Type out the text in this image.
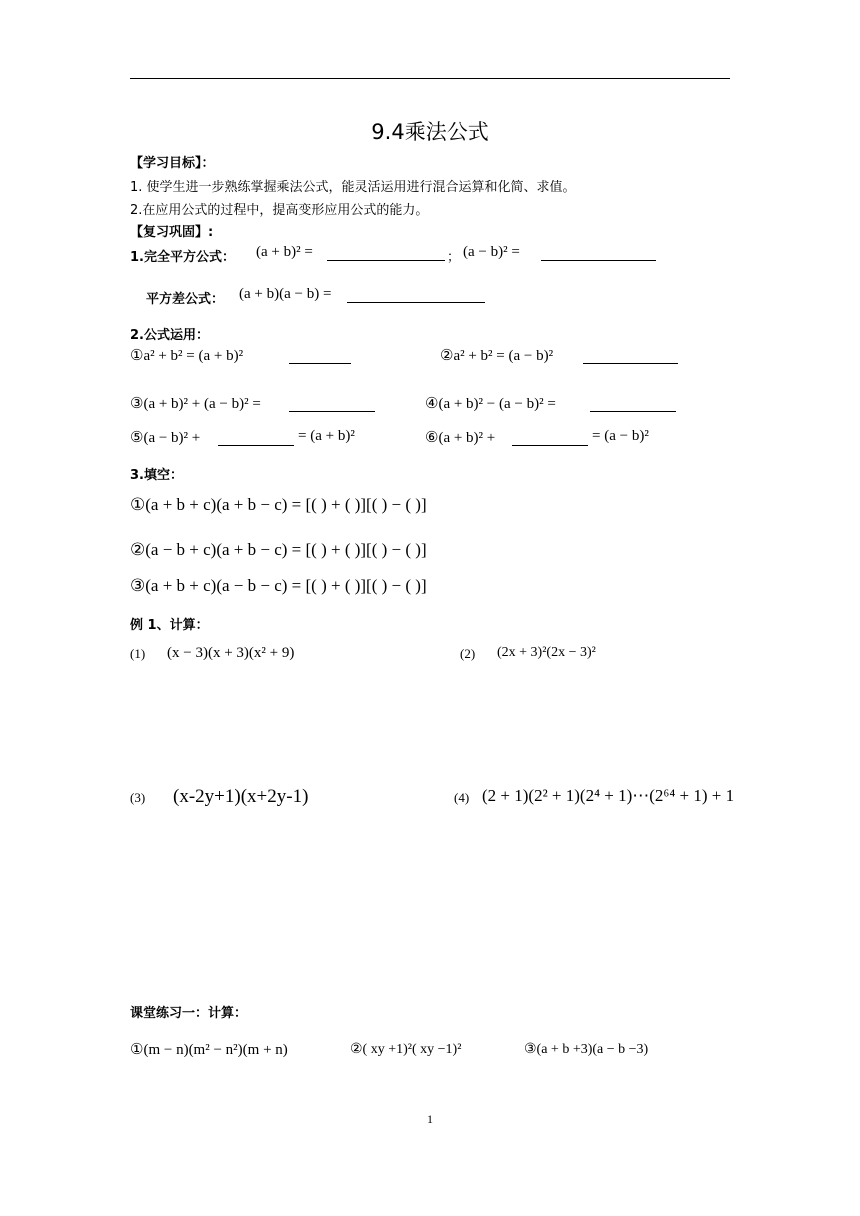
9.4乘法公式
【学习目标】：
1. 使学生进一步熟练掌握乘法公式，能灵活运用进行混合运算和化简、求值。
2.在应用公式的过程中，提高变形应用公式的能力。
【复习巩固】:
1.完全平方公式： (a + b)² =	； (a − b)² =
平方差公式： (a + b)(a − b) =
2.公式运用：
①a² + b² = (a + b)²	②a² + b² = (a − b)²
③(a + b)² + (a − b)² =	④(a + b)² − (a − b)² =
⑤(a − b)² +	= (a + b)²	⑥(a + b)² +	= (a − b)²
3.填空：
①(a + b + c)(a + b − c) = [( ) + ( )][( ) − ( )]
②(a − b + c)(a + b − c) = [( ) + ( )][( ) − ( )]
③(a + b + c)(a − b − c) = [( ) + ( )][( ) − ( )]
例 1、计算：
(1) (x − 3)(x + 3)(x² + 9)	(2) (2x + 3)²(2x − 3)²
(3) (x-2y+1)(x+2y-1)	(4) (2 + 1)(2² + 1)(2⁴ + 1)⋯(2⁶⁴ + 1) + 1
课堂练习一：计算：
①(m − n)(m² − n²)(m + n)	②( xy +1)²( xy −1)²	③(a + b +3)(a − b −3)
1
